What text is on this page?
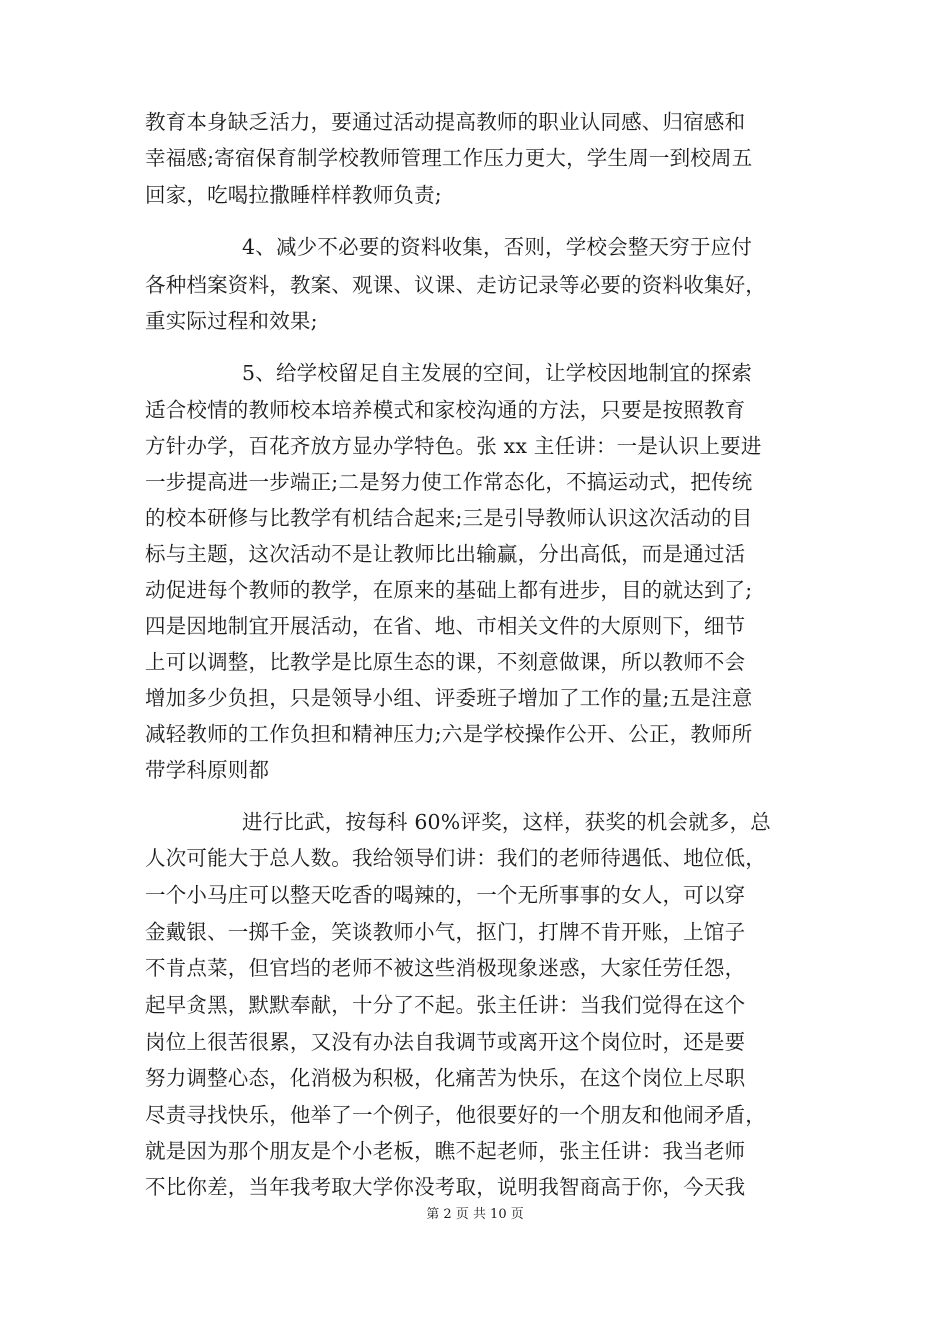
教育本身缺乏活力，要通过活动提高教师的职业认同感、归宿感和
幸福感;寄宿保育制学校教师管理工作压力更大，学生周一到校周五
回家，吃喝拉撒睡样样教师负责;
4、减少不必要的资料收集，否则，学校会整天穷于应付
各种档案资料，教案、观课、议课、走访记录等必要的资料收集好，
重实际过程和效果;
5、给学校留足自主发展的空间，让学校因地制宜的探索
适合校情的教师校本培养模式和家校沟通的方法，只要是按照教育
方针办学，百花齐放方显办学特色。张 xx 主任讲：一是认识上要进
一步提高进一步端正;二是努力使工作常态化，不搞运动式，把传统
的校本研修与比教学有机结合起来;三是引导教师认识这次活动的目
标与主题，这次活动不是让教师比出输赢，分出高低，而是通过活
动促进每个教师的教学，在原来的基础上都有进步，目的就达到了;
四是因地制宜开展活动，在省、地、市相关文件的大原则下，细节
上可以调整，比教学是比原生态的课，不刻意做课，所以教师不会
增加多少负担，只是领导小组、评委班子增加了工作的量;五是注意
减轻教师的工作负担和精神压力;六是学校操作公开、公正，教师所
带学科原则都
进行比武，按每科 60%评奖，这样，获奖的机会就多，总
人次可能大于总人数。我给领导们讲：我们的老师待遇低、地位低，
一个小马庄可以整天吃香的喝辣的，一个无所事事的女人，可以穿
金戴银、一掷千金，笑谈教师小气，抠门，打牌不肯开账，上馆子
不肯点菜，但官垱的老师不被这些消极现象迷惑，大家任劳任怨，
起早贪黑，默默奉献，十分了不起。张主任讲：当我们觉得在这个
岗位上很苦很累，又没有办法自我调节或离开这个岗位时，还是要
努力调整心态，化消极为积极，化痛苦为快乐，在这个岗位上尽职
尽责寻找快乐，他举了一个例子，他很要好的一个朋友和他闹矛盾，
就是因为那个朋友是个小老板，瞧不起老师，张主任讲：我当老师
不比你差，当年我考取大学你没考取，说明我智商高于你，今天我
第 2 页 共 10 页
